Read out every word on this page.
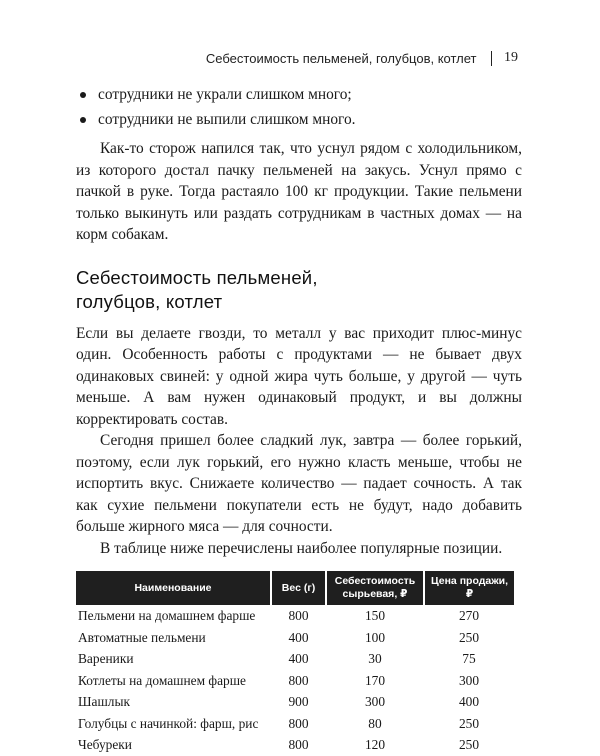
Себестоимость пельменей, голубцов, котлет 19
сотрудники не украли слишком много;
сотрудники не выпили слишком много.

Как-то сторож напился так, что уснул рядом с холодильником, из которого достал пачку пельменей на закусь. Уснул прямо с пачкой в руке. Тогда растаяло 100 кг продукции. Такие пельмени только выкинуть или раздать сотрудникам в частных домах — на корм собакам.

Себестоимость пельменей,
голубцов, котлет

Если вы делаете гвозди, то металл у вас приходит плюс-минус один. Особенность работы с продуктами — не бывает двух одинаковых свиней: у одной жира чуть больше, у другой — чуть меньше. А вам нужен одинаковый продукт, и вы должны корректировать состав.

Сегодня пришел более сладкий лук, завтра — более горький, поэтому, если лук горький, его нужно класть меньше, чтобы не испортить вкус. Снижаете количество — падает сочность. А так как сухие пельмени покупатели есть не будут, надо добавить больше жирного мяса — для сочности.

В таблице ниже перечислены наиболее популярные позиции.

Наименование	Вес (г)	Себестоимость сырьевая, ₽	Цена продажи, ₽
Пельмени на домашнем фарше	800	150	270
Автоматные пельмени	400	100	250
Вареники	400	30	75
Котлеты на домашнем фарше	800	170	300
Шашлык	900	300	400
Голубцы с начинкой: фарш, рис	800	80	250
Чебуреки	800	120	250
